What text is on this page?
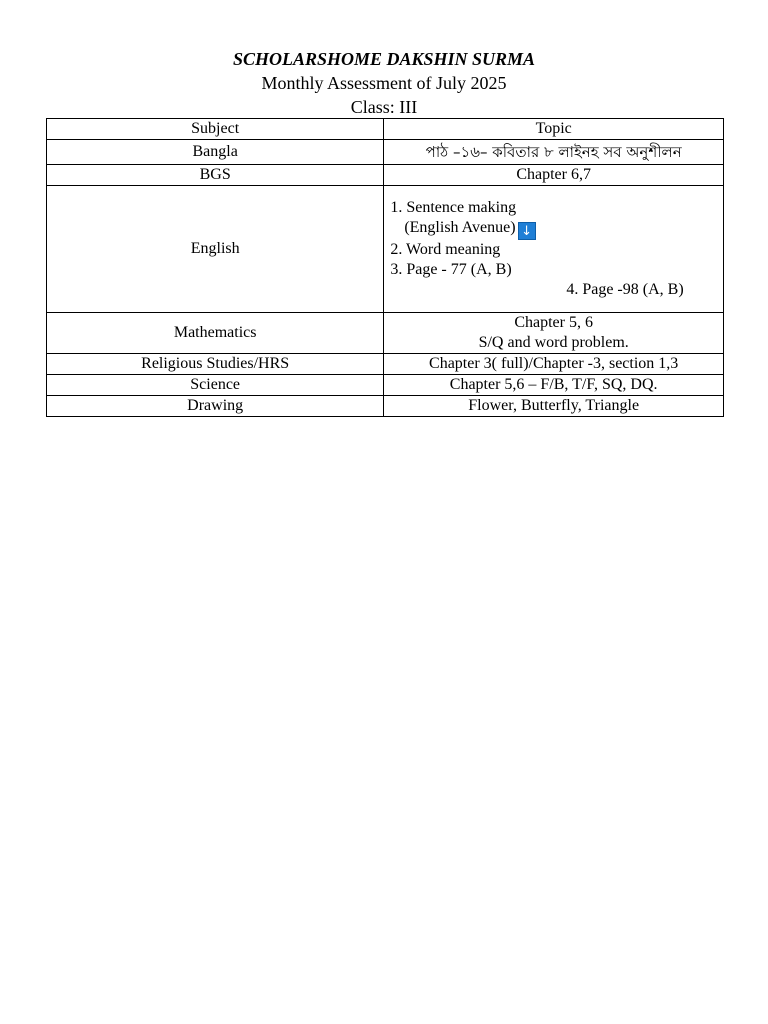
SCHOLARSHOME DAKSHIN SURMA
Monthly Assessment of July 2025
Class: III
Subject	Topic
Bangla	পাঠ –১৬– কবিতার ৮ লাইনহ সব অনুশীলন
BGS	Chapter 6,7
English	1. Sentence making
(English Avenue) ↓
2. Word meaning
3. Page - 77 (A, B)
4. Page -98 (A, B)

Mathematics	Chapter 5, 6
S/Q and word problem.

Religious Studies/HRS	Chapter 3( full)/Chapter -3, section 1,3
Science	Chapter 5,6 – F/B, T/F, SQ, DQ.
Drawing	Flower, Butterfly, Triangle
